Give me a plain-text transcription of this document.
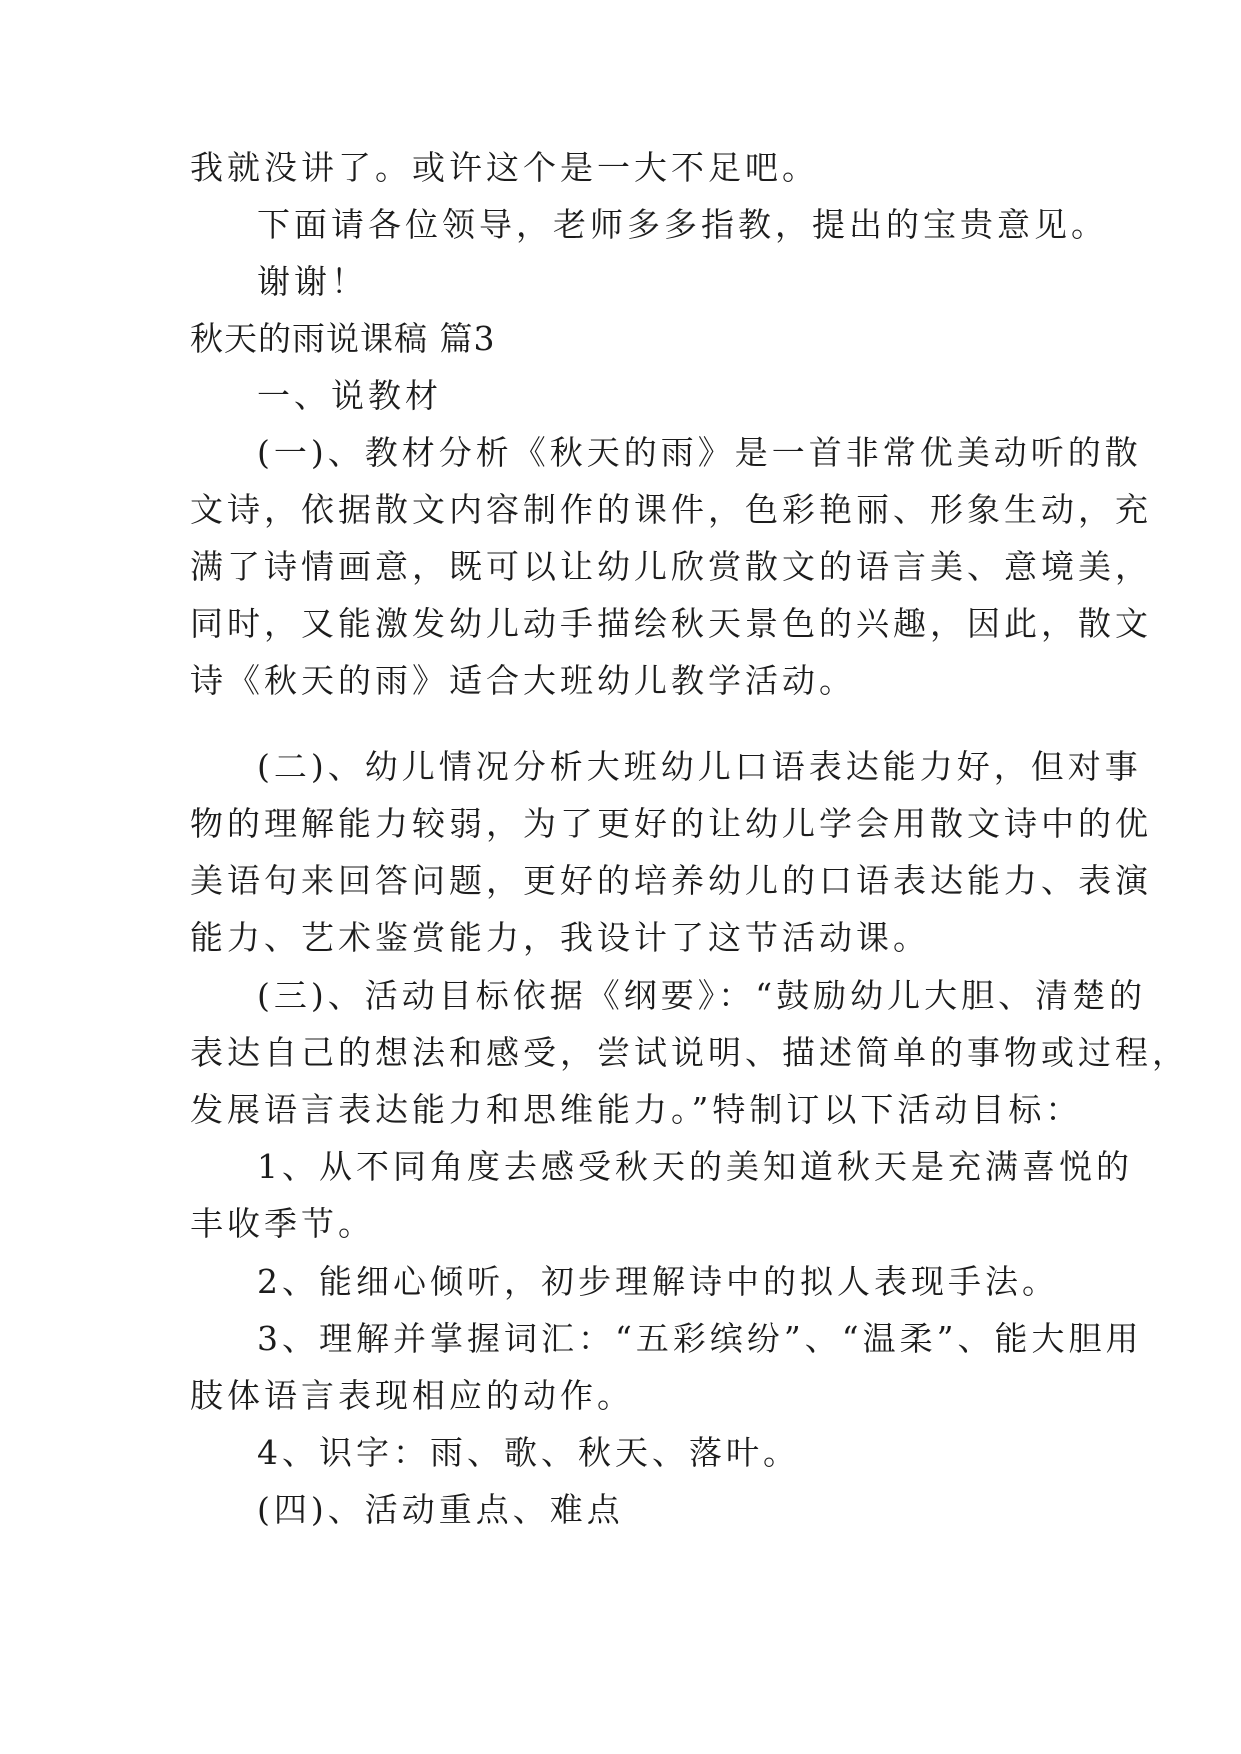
我就没讲了。或许这个是一大不足吧。
下面请各位领导，老师多多指教，提出的宝贵意见。
谢谢！
秋天的雨说课稿 篇3
一、说教材
(一)、教材分析《秋天的雨》是一首非常优美动听的散
文诗，依据散文内容制作的课件，色彩艳丽、形象生动，充
满了诗情画意，既可以让幼儿欣赏散文的语言美、意境美，
同时，又能激发幼儿动手描绘秋天景色的兴趣，因此，散文
诗《秋天的雨》适合大班幼儿教学活动。
(二)、幼儿情况分析大班幼儿口语表达能力好，但对事
物的理解能力较弱，为了更好的让幼儿学会用散文诗中的优
美语句来回答问题，更好的培养幼儿的口语表达能力、表演
能力、艺术鉴赏能力，我设计了这节活动课。
(三)、活动目标依据《纲要》：“鼓励幼儿大胆、清楚的
表达自己的想法和感受，尝试说明、描述简单的事物或过程，
发展语言表达能力和思维能力。”特制订以下活动目标：
1、从不同角度去感受秋天的美知道秋天是充满喜悦的
丰收季节。
2、能细心倾听，初步理解诗中的拟人表现手法。
3、理解并掌握词汇：“五彩缤纷”、“温柔”、能大胆用
肢体语言表现相应的动作。
4、识字：雨、歌、秋天、落叶。
(四)、活动重点、难点
